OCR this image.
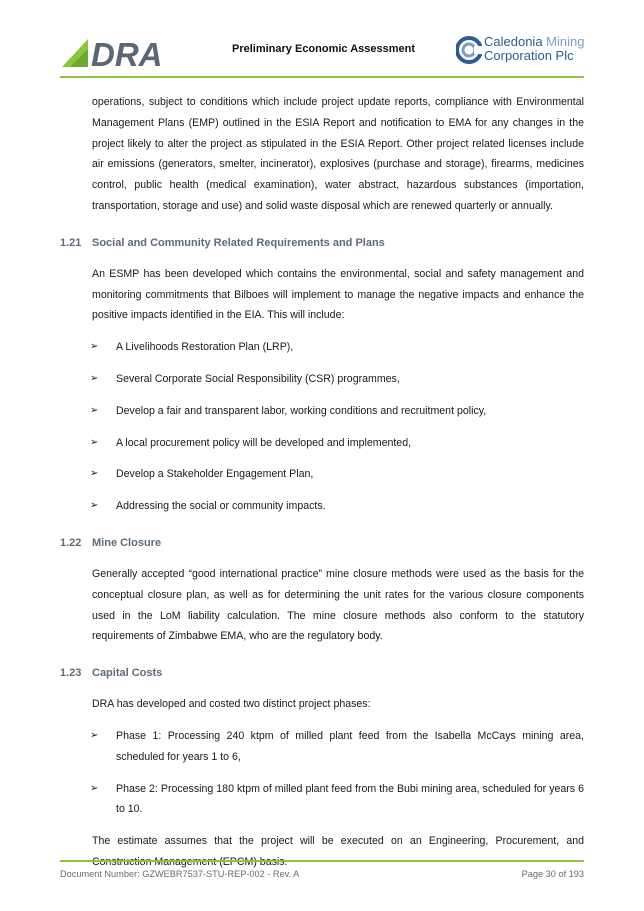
DRA	Preliminary Economic Assessment	Caledonia Mining
Corporation Plc

operations, subject to conditions which include project update reports, compliance with Environmental Management Plans (EMP) outlined in the ESIA Report and notification to EMA for any changes in the project likely to alter the project as stipulated in the ESIA Report. Other project related licenses include air emissions (generators, smelter, incinerator), explosives (purchase and storage), firearms, medicines control, public health (medical examination), water abstract, hazardous substances (importation, transportation, storage and use) and solid waste disposal which are renewed quarterly or annually.

1.21 Social and Community Related Requirements and Plans

An ESMP has been developed which contains the environmental, social and safety management and monitoring commitments that Bilboes will implement to manage the negative impacts and enhance the positive impacts identified in the EIA. This will include:

➢ A Livelihoods Restoration Plan (LRP),
➢ Several Corporate Social Responsibility (CSR) programmes,
➢ Develop a fair and transparent labor, working conditions and recruitment policy,
➢ A local procurement policy will be developed and implemented,
➢ Develop a Stakeholder Engagement Plan,
➢ Addressing the social or community impacts.
1.22 Mine Closure

Generally accepted “good international practice” mine closure methods were used as the basis for the conceptual closure plan, as well as for determining the unit rates for the various closure components used in the LoM liability calculation. The mine closure methods also conform to the statutory requirements of Zimbabwe EMA, who are the regulatory body.

1.23 Capital Costs

DRA has developed and costed two distinct project phases:

➢ Phase 1: Processing 240 ktpm of milled plant feed from the Isabella McCays mining area, scheduled for years 1 to 6,
➢ Phase 2: Processing 180 ktpm of milled plant feed from the Bubi mining area, scheduled for years 6 to 10.

The estimate assumes that the project will be executed on an Engineering, Procurement, and

Document Number: GZWEBR7537-STU-REP-002 - Rev. A	Page 30 of 193
